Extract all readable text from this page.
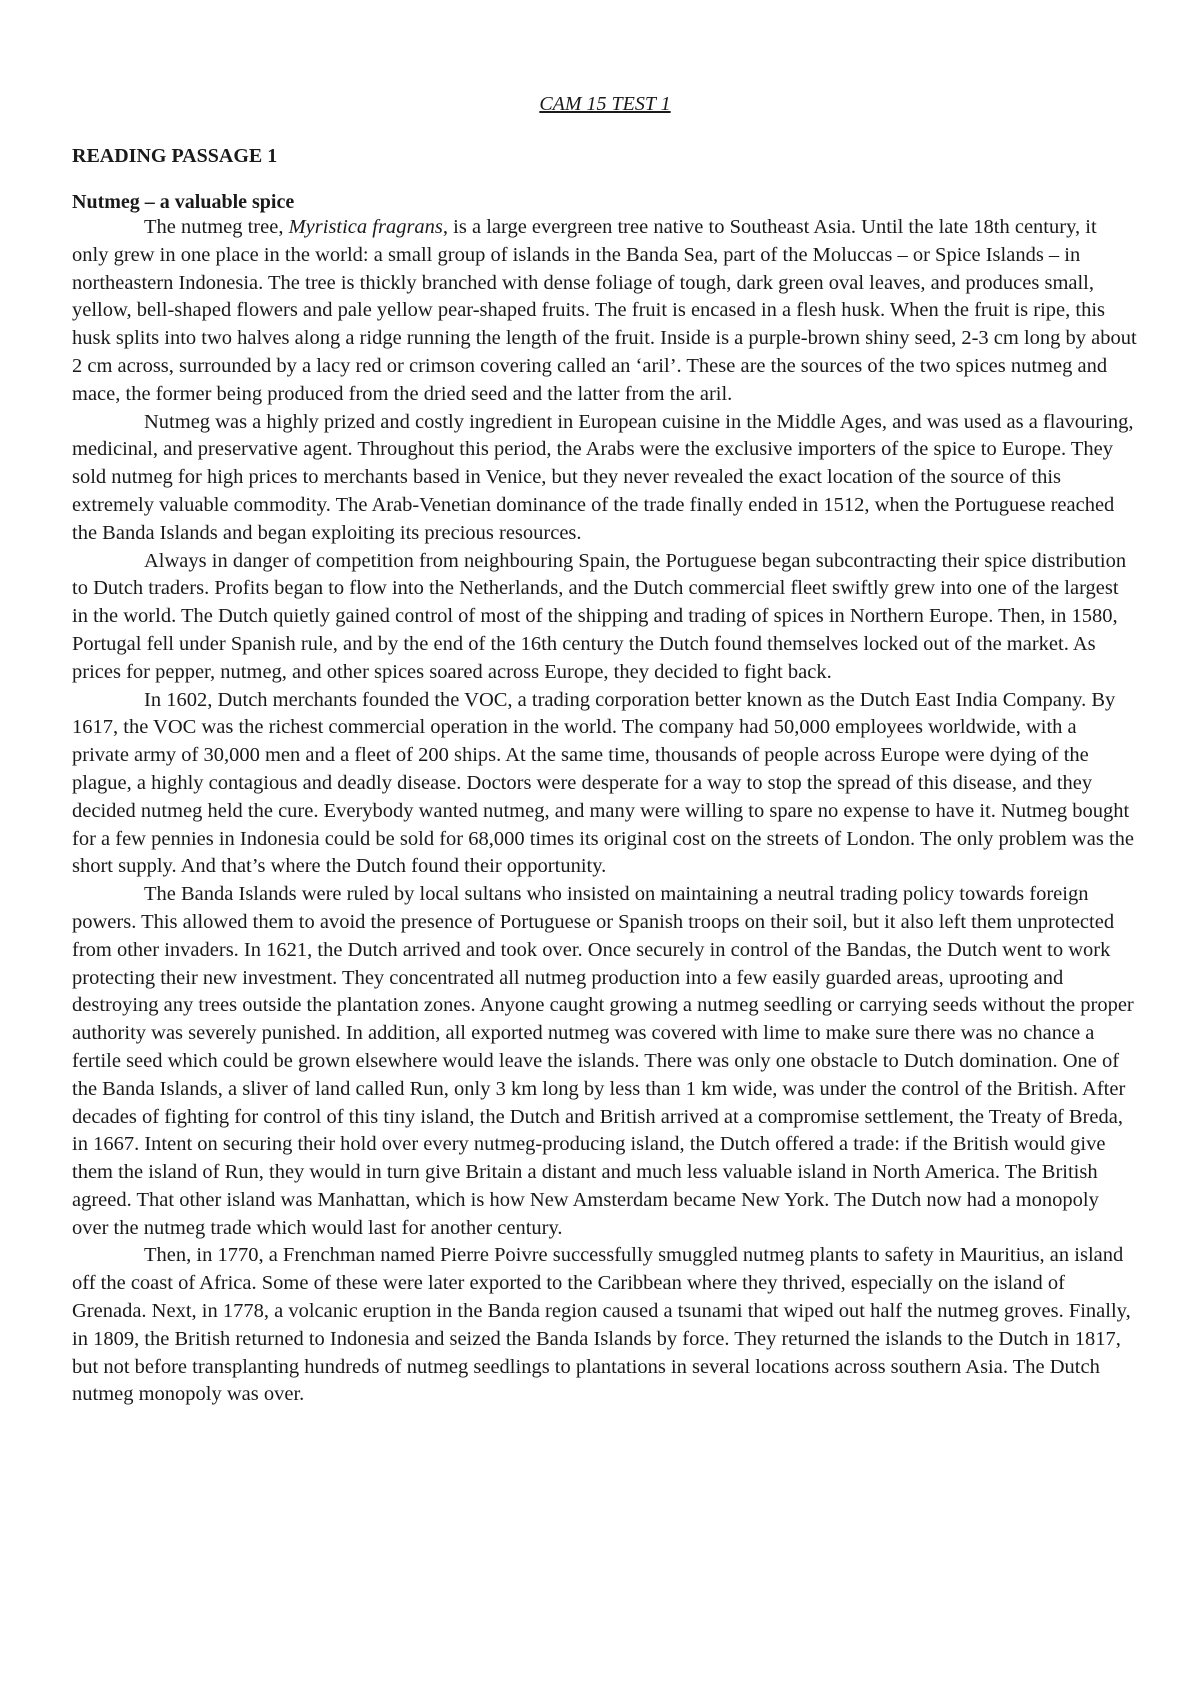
CAM 15 TEST 1
READING PASSAGE 1
Nutmeg – a valuable spice

The nutmeg tree, Myristica fragrans, is a large evergreen tree native to Southeast Asia. Until the late 18th century, it only grew in one place in the world: a small group of islands in the Banda Sea, part of the Moluccas – or Spice Islands – in northeastern Indonesia. The tree is thickly branched with dense foliage of tough, dark green oval leaves, and produces small, yellow, bell-shaped flowers and pale yellow pear-shaped fruits. The fruit is encased in a flesh husk. When the fruit is ripe, this husk splits into two halves along a ridge running the length of the fruit. Inside is a purple-brown shiny seed, 2-3 cm long by about 2 cm across, surrounded by a lacy red or crimson covering called an ‘aril’. These are the sources of the two spices nutmeg and mace, the former being produced from the dried seed and the latter from the aril.

Nutmeg was a highly prized and costly ingredient in European cuisine in the Middle Ages, and was used as a flavouring, medicinal, and preservative agent. Throughout this period, the Arabs were the exclusive importers of the spice to Europe. They sold nutmeg for high prices to merchants based in Venice, but they never revealed the exact location of the source of this extremely valuable commodity. The Arab-Venetian dominance of the trade finally ended in 1512, when the Portuguese reached the Banda Islands and began exploiting its precious resources.

Always in danger of competition from neighbouring Spain, the Portuguese began subcontracting their spice distribution to Dutch traders. Profits began to flow into the Netherlands, and the Dutch commercial fleet swiftly grew into one of the largest in the world. The Dutch quietly gained control of most of the shipping and trading of spices in Northern Europe. Then, in 1580, Portugal fell under Spanish rule, and by the end of the 16th century the Dutch found themselves locked out of the market. As prices for pepper, nutmeg, and other spices soared across Europe, they decided to fight back.

In 1602, Dutch merchants founded the VOC, a trading corporation better known as the Dutch East India Company. By 1617, the VOC was the richest commercial operation in the world. The company had 50,000 employees worldwide, with a private army of 30,000 men and a fleet of 200 ships. At the same time, thousands of people across Europe were dying of the plague, a highly contagious and deadly disease. Doctors were desperate for a way to stop the spread of this disease, and they decided nutmeg held the cure. Everybody wanted nutmeg, and many were willing to spare no expense to have it. Nutmeg bought for a few pennies in Indonesia could be sold for 68,000 times its original cost on the streets of London. The only problem was the short supply. And that’s where the Dutch found their opportunity.

The Banda Islands were ruled by local sultans who insisted on maintaining a neutral trading policy towards foreign powers. This allowed them to avoid the presence of Portuguese or Spanish troops on their soil, but it also left them unprotected from other invaders. In 1621, the Dutch arrived and took over. Once securely in control of the Bandas, the Dutch went to work protecting their new investment. They concentrated all nutmeg production into a few easily guarded areas, uprooting and destroying any trees outside the plantation zones. Anyone caught growing a nutmeg seedling or carrying seeds without the proper authority was severely punished. In addition, all exported nutmeg was covered with lime to make sure there was no chance a fertile seed which could be grown elsewhere would leave the islands. There was only one obstacle to Dutch domination. One of the Banda Islands, a sliver of land called Run, only 3 km long by less than 1 km wide, was under the control of the British. After decades of fighting for control of this tiny island, the Dutch and British arrived at a compromise settlement, the Treaty of Breda, in 1667. Intent on securing their hold over every nutmeg-producing island, the Dutch offered a trade: if the British would give them the island of Run, they would in turn give Britain a distant and much less valuable island in North America. The British agreed. That other island was Manhattan, which is how New Amsterdam became New York. The Dutch now had a monopoly over the nutmeg trade which would last for another century.

Then, in 1770, a Frenchman named Pierre Poivre successfully smuggled nutmeg plants to safety in Mauritius, an island off the coast of Africa. Some of these were later exported to the Caribbean where they thrived, especially on the island of Grenada. Next, in 1778, a volcanic eruption in the Banda region caused a tsunami that wiped out half the nutmeg groves. Finally, in 1809, the British returned to Indonesia and seized the Banda Islands by force. They returned the islands to the Dutch in 1817, but not before transplanting hundreds of nutmeg seedlings to plantations in several locations across southern Asia. The Dutch nutmeg monopoly was over.
